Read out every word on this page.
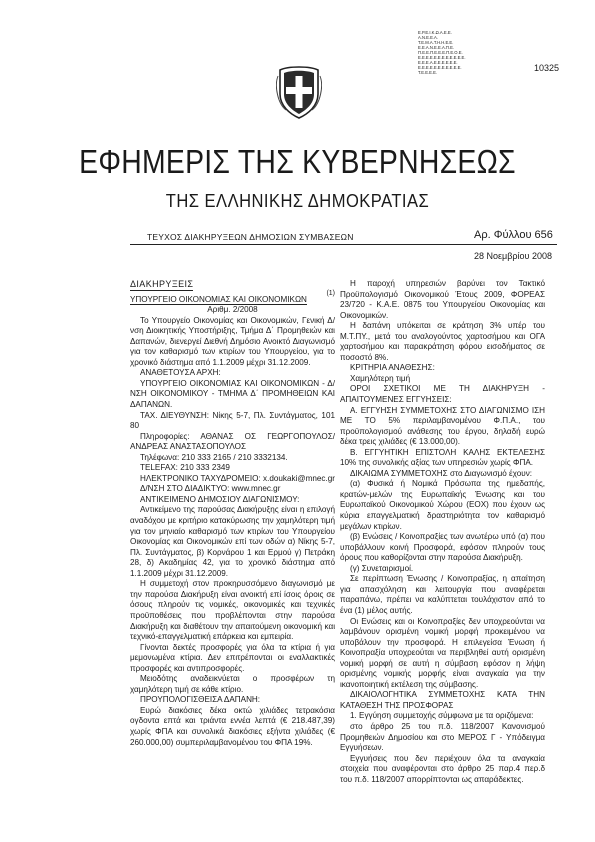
Ε.Ρ.Ε.Ι.Κ.Ω.Α.Ε.Ε.
Α.Ν.Ε.Ε.Α.
Τ.Ε.Μ.Α.Τ.Η.Η.Ε.Ε.
Ε.Ε.Α.Ν.Ε.Ε.Α.Π.Ε.
Π.Ε.Ε.Π.Ε.Ε.Ε.Π.Ε.Ο.Ε.
Ε.Ε.Ε.Ε.Ε.Ε.Ε.Ε.Ε.Ε.Ε.Ε.
Ε.Ε.Ε.Α.Ε.Ε.Ε.Ε.Ε.Ε.
Ε.Ε.Ε.Ε.Ε.Ε.Ε.Ε.Ε.Ε.Ε.
Τ.Ε.Ε.Ε.Ε.	10325
ΕΦΗΜΕΡΙΣ ΤΗΣ ΚΥΒΕΡΝΗΣΕΩΣ
ΤΗΣ ΕΛΛΗΝΙΚΗΣ ΔΗΜΟΚΡΑΤΙΑΣ
ΤΕΥΧΟΣ ΔΙΑΚΗΡΥΞΕΩΝ ΔΗΜΟΣΙΩΝ ΣΥΜΒΑΣΕΩΝ	Αρ. Φύλλου 656
28 Νοεμβρίου 2008

ΔΙΑΚΗΡΥΞΕΙΣ

ΥΠΟΥΡΓΕΙΟ ΟΙΚΟΝΟΜΙΑΣ ΚΑΙ ΟΙΚΟΝΟΜΙΚΩΝ
(1)

Αριθμ. 2/2008

Το Υπουργείο Οικονομίας και Οικονομικών, Γενική Δ/νση Διοικητικής Υποστήριξης, Τμήμα Δ΄ Προμηθειών και Δαπανών, διενεργεί Διεθνή Δημόσιο Ανοικτό Διαγωνισμό για τον καθαρισμό των κτιρίων του Υπουργείου, για το χρονικό διάστημα από 1.1.2009 μέχρι 31.12.2009.

ΑΝΑΘΕΤΟΥΣΑ ΑΡΧΗ:

ΥΠΟΥΡΓΕΙΟ ΟΙΚΟΝΟΜΙΑΣ ΚΑΙ ΟΙΚΟΝΟΜΙΚΩΝ - Δ/ΝΣΗ ΟΙΚΟΝΟΜΙΚΟΥ - ΤΜΗΜΑ Δ΄ ΠΡΟΜΗΘΕΙΩΝ ΚΑΙ ΔΑΠΑΝΩΝ.

ΤΑΧ. ΔΙΕΥΘΥΝΣΗ: Νίκης 5-7, Πλ. Συντάγματος, 101 80

Πληροφορίες: ΑΘΑΝΑΣ ΟΣ ΓΕΩΡΓΟΠΟΥΛΟΣ/ ΑΝΔΡΕΑΣ ΑΝΑΣΤΑΣΟΠΟΥΛΟΣ

Τηλέφωνα: 210 333 2165 / 210 3332134.

TELEFAX: 210 333 2349

ΗΛΕΚΤΡΟΝΙΚΟ ΤΑΧΥΔΡΟΜΕΙΟ: x.doukaki@mnec.gr

Δ/ΝΣΗ ΣΤΟ ΔΙΑΔΙΚΤΥΟ: www.mnec.gr

ΑΝΤΙΚΕΙΜΕΝΟ ΔΗΜΟΣΙΟΥ ΔΙΑΓΩΝΙΣΜΟΥ:

Αντικείμενο της παρούσας Διακήρυξης είναι η επιλογή αναδόχου με κριτήριο κατακύρωσης την χαμηλότερη τιμή για τον μηνιαίο καθαρισμό των κτιρίων του Υπουργείου Οικονομίας και Οικονομικών επί των οδών α) Νίκης 5-7, Πλ. Συντάγματος, β) Κορνάρου 1 και Ερμού γ) Πετράκη 28, δ) Ακαδημίας 42, για το χρονικό διάστημα από 1.1.2009 μέχρι 31.12.2009.

Η συμμετοχή στον προκηρυσσόμενο διαγωνισμό με την παρούσα Διακήρυξη είναι ανοικτή επί ίσοις όροις σε όσους πληρούν τις νομικές, οικονομικές και τεχνικές προϋποθέσεις που προβλέπονται στην παρούσα Διακήρυξη και διαθέτουν την απαιτούμενη οικονομική και τεχνικό-επαγγελματική επάρκεια και εμπειρία.

Γίνονται δεκτές προσφορές για όλα τα κτίρια ή για μεμονωμένα κτίρια. Δεν επιτρέπονται οι εναλλακτικές προσφορές και αντιπροσφορές.

Μειοδότης αναδεικνύεται ο προσφέρων τη χαμηλότερη τιμή σε κάθε κτίριο.

ΠΡΟΥΠΟΛΟΓΙΣΘΕΙΣΑ ΔΑΠΑΝΗ:

Ευρώ διακόσιες δέκα οκτώ χιλιάδες τετρακόσια ογδοντα επτά και τριάντα εννέα λεπτά (€ 218.487,39) χωρίς ΦΠΑ και συνολικά διακόσιες εξήντα χιλιάδες (€ 260.000,00) συμπεριλαμβανομένου του ΦΠΑ 19%.

Η παροχή υπηρεσιών βαρύνει τον Τακτικό Προϋπολογισμό Οικονομικού Έτους 2009, ΦΟΡΕΑΣ 23/720 - Κ.Α.Ε. 0875 του Υπουργείου Οικονομίας και Οικονομικών.

Η δαπάνη υπόκειται σε κράτηση 3% υπέρ του Μ.Τ.ΠΥ., μετά του αναλογούντος χαρτοσήμου και ΟΓΑ χαρτοσήμου και παρακράτηση φόρου εισοδήματος σε ποσοστό 8%.

ΚΡΙΤΗΡΙΑ ΑΝΑΘΕΣΗΣ:

Χαμηλότερη τιμή

ΟΡΟΙ ΣΧΕΤΙΚΟΙ ΜΕ ΤΗ ΔΙΑΚΗΡΥΞΗ - ΑΠΑΙΤΟΥΜΕΝΕΣ ΕΓΓΥΗΣΕΙΣ:

Α. ΕΓΓΥΗΣΗ ΣΥΜΜΕΤΟΧΗΣ ΣΤΟ ΔΙΑΓΩΝΙΣΜΟ ΙΣΗ ΜΕ ΤΟ 5% περιλαμβανομένου Φ.Π.Α., του προϋπολογισμού ανάθεσης του έργου, δηλαδή ευρώ δέκα τρεις χιλιάδες (€ 13.000,00).

Β. ΕΓΓΥΗΤΙΚΗ ΕΠΙΣΤΟΛΗ ΚΑΛΗΣ ΕΚΤΕΛΕΣΗΣ 10% της συνολικής αξίας των υπηρεσιών χωρίς ΦΠΑ.

ΔΙΚΑΙΩΜΑ ΣΥΜΜΕΤΟΧΗΣ στο Διαγωνισμό έχουν:

(α) Φυσικά ή Νομικά Πρόσωπα της ημεδαπής, κρατών-μελών της Ευρωπαϊκής Ένωσης και του Ευρωπαϊκού Οικονομικού Χώρου (ΕΟΧ) που έχουν ως κύρια επαγγελματική δραστηριότητα τον καθαρισμό μεγάλων κτιρίων.

(β) Ενώσεις / Κοινοπραξίες των ανωτέρω υπό (α) που υποβάλλουν κοινή Προσφορά, εφόσον πληρούν τους όρους που καθορίζονται στην παρούσα Διακήρυξη.

(γ) Συνεταιρισμοί.

Σε περίπτωση Ένωσης / Κοινοπραξίας, η απαίτηση για απασχόληση και λειτουργία που αναφέρεται παραπάνω, πρέπει να καλύπτεται τουλάχιστον από το ένα (1) μέλος αυτής.

Οι Ενώσεις και οι Κοινοπραξίες δεν υποχρεούνται να λαμβάνουν ορισμένη νομική μορφή προκειμένου να υποβάλουν την προσφορά. Η επιλεγείσα Ένωση ή Κοινοπραξία υποχρεούται να περιβληθεί αυτή ορισμένη νομική μορφή σε αυτή η σύμβαση εφόσον η λήψη ορισμένης νομικής μορφής είναι αναγκαία για την ικανοποιητική εκτέλεση της σύμβασης.

ΔΙΚΑΙΟΛΟΓΗΤΙΚΑ ΣΥΜΜΕΤΟΧΗΣ ΚΑΤΑ ΤΗΝ ΚΑΤΑΘΕΣΗ ΤΗΣ ΠΡΟΣΦΟΡΑΣ

1. Εγγύηση συμμετοχής σύμφωνα με τα οριζόμενα:

στο άρθρο 25 του π.δ. 118/2007 Κανονισμού Προμηθειών Δημοσίου και στο ΜΕΡΟΣ Γ - Υπόδειγμα Εγγυήσεων.

Εγγυήσεις που δεν περιέχουν όλα τα αναγκαία στοιχεία που αναφέρονται στο άρθρο 25 παρ.4 περ.δ του π.δ. 118/2007 απορρίπτονται ως απαράδεκτες.
